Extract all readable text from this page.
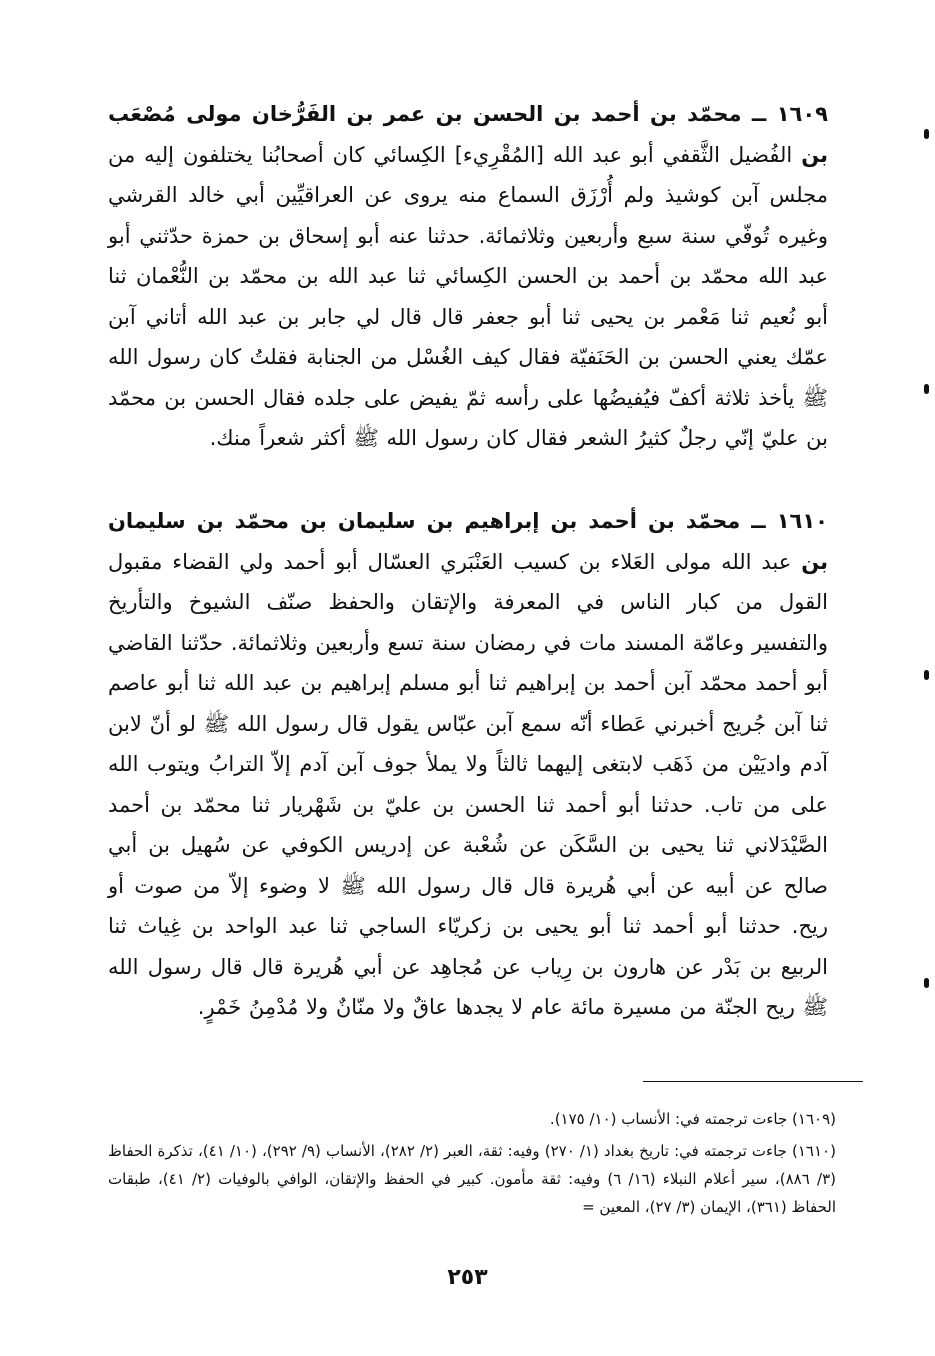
١٦٠٩ ــ محمّد بن أحمد بن الحسن بن عمر بن الفَرُّخان مولى مُصْعَب بن الفُضيل الثَّقفي أبو عبد الله [المُقْرِيء] الكِسائي كان أصحابُنا يختلفون إليه من مجلس آبن كوشيذ ولم أُرْزَق السماع منه يروى عن العراقيِّين أبي خالد القرشي وغيره تُوفّي سنة سبع وأربعين وثلاثمائة. حدثنا عنه أبو إسحاق بن حمزة حدّثني أبو عبد الله محمّد بن أحمد بن الحسن الكِسائي ثنا عبد الله بن محمّد بن النُّعْمان ثنا أبو نُعيم ثنا مَعْمر بن يحيى ثنا أبو جعفر قال قال لي جابر بن عبد الله أتاني آبن عمّك يعني الحسن بن الحَنَفيّة فقال كيف الغُسْل من الجنابة فقلتُ كان رسول الله ﷺ يأخذ ثلاثة أكفّ فيُفيضُها على رأسه ثمّ يفيض على جلده فقال الحسن بن محمّد بن عليّ إنّي رجلٌ كثيرُ الشعر فقال كان رسول الله ﷺ أكثر شعراً منك.

١٦١٠ ــ محمّد بن أحمد بن إبراهيم بن سليمان بن محمّد بن سليمان بن عبد الله مولى العَلاء بن كسيب العَنْبَري العسّال أبو أحمد ولي القضاء مقبول القول من كبار الناس في المعرفة والإتقان والحفظ صنّف الشيوخ والتأريخ والتفسير وعامّة المسند مات في رمضان سنة تسع وأربعين وثلاثمائة. حدّثنا القاضي أبو أحمد محمّد آبن أحمد بن إبراهيم ثنا أبو مسلم إبراهيم بن عبد الله ثنا أبو عاصم ثنا آبن جُريج أخبرني عَطاء أنّه سمع آبن عبّاس يقول قال رسول الله ﷺ لو أنّ لابن آدم واديَيْن من ذَهَب لابتغى إليهما ثالثاً ولا يملأ جوف آبن آدم إلاّ الترابُ ويتوب الله على من تاب. حدثنا أبو أحمد ثنا الحسن بن عليّ بن شَهْريار ثنا محمّد بن أحمد الصَّيْدَلاني ثنا يحيى بن السَّكَن عن شُعْبة عن إدريس الكوفي عن سُهيل بن أبي صالح عن أبيه عن أبي هُريرة قال قال رسول الله ﷺ لا وضوء إلاّ من صوت أو ريح. حدثنا أبو أحمد ثنا أبو يحيى بن زكريّاء الساجي ثنا عبد الواحد بن غِياث ثنا الربيع بن بَدْر عن هارون بن رِياب عن مُجاهِد عن أبي هُريرة قال قال رسول الله ﷺ ريح الجنّة من مسيرة مائة عام لا يجدها عاقٌ ولا منّانٌ ولا مُدْمِنُ خَمْرٍ.

(١٦٠٩) جاءت ترجمته في: الأنساب (١٠/ ١٧٥).

(١٦١٠) جاءت ترجمته في: تاريخ بغداد (١/ ٢٧٠) وفيه: ثقة، العبر (٢/ ٢٨٢)، الأنساب (٩/ ٢٩٢)، (١٠/ ٤١)، تذكرة الحفاظ (٣/ ٨٨٦)، سير أعلام النبلاء (١٦/ ٦) وفيه: ثقة مأمون. كبير في الحفظ والإتقان، الوافي بالوفيات (٢/ ٤١)، طبقات الحفاظ (٣٦١)، الإيمان (٣/ ٢٧)، المعين =

٢٥٣
